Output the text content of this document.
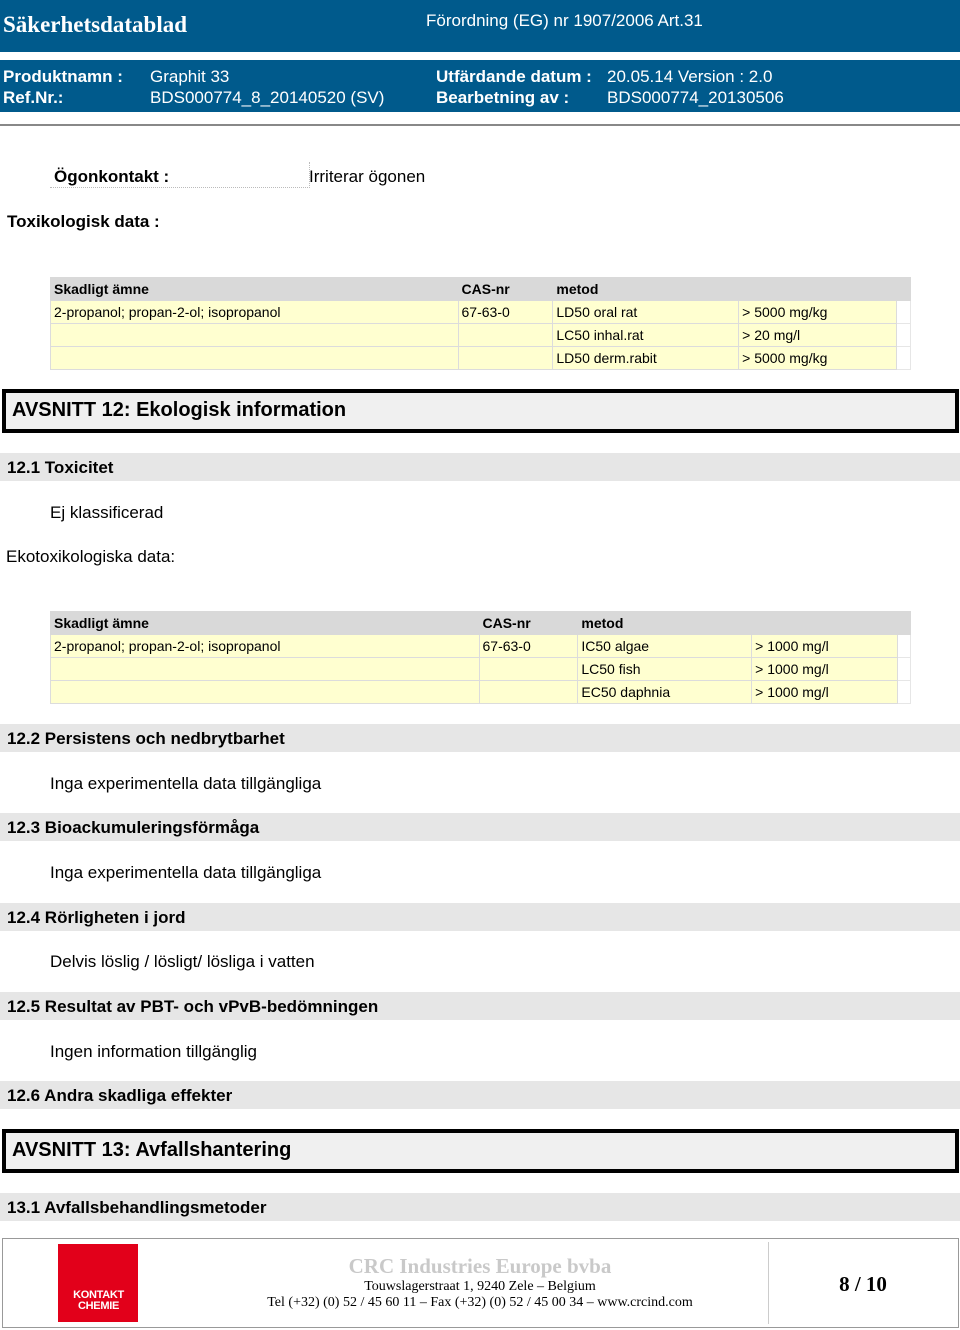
Säkerhetsdatablad	Förordning (EG) nr 1907/2006 Art.31
Produktnamn : Graphit 33
Ref.Nr.:	BDS000774_8_20140520 (SV)
Utfärdande datum : 20.05.14 Version : 2.0
Bearbetning av : BDS000774_20130506
Ögonkontakt :	Irriterar ögonen
Toxikologisk data :
Skadligt ämne	CAS-nr	metod		
2-propanol; propan-2-ol; isopropanol	67-63-0	LD50 oral rat	> 5000 mg/kg	
		LC50 inhal.rat	> 20 mg/l	
		LD50 derm.rabit	> 5000 mg/kg	
AVSNITT 12: Ekologisk information
12.1 Toxicitet
Ej klassificerad
Ekotoxikologiska data:
Skadligt ämne	CAS-nr	metod		
2-propanol; propan-2-ol; isopropanol	67-63-0	IC50 algae	> 1000 mg/l	
		LC50 fish	> 1000 mg/l	
		EC50 daphnia	> 1000 mg/l	
12.2 Persistens och nedbrytbarhet
Inga experimentella data tillgängliga
12.3 Bioackumuleringsförmåga
Inga experimentella data tillgängliga
12.4 Rörligheten i jord
Delvis löslig / lösligt/ lösliga i vatten
12.5 Resultat av PBT- och vPvB-bedömningen
Ingen information tillgänglig
12.6 Andra skadliga effekter
AVSNITT 13: Avfallshantering
13.1 Avfallsbehandlingsmetoder
KONTAKT
CHEMIE
CRC Industries Europe bvba
Touwslagerstraat 1, 9240 Zele – Belgium
Tel (+32) (0) 52 / 45 60 11 – Fax (+32) (0) 52 / 45 00 34 – www.crcind.com
8 / 10
